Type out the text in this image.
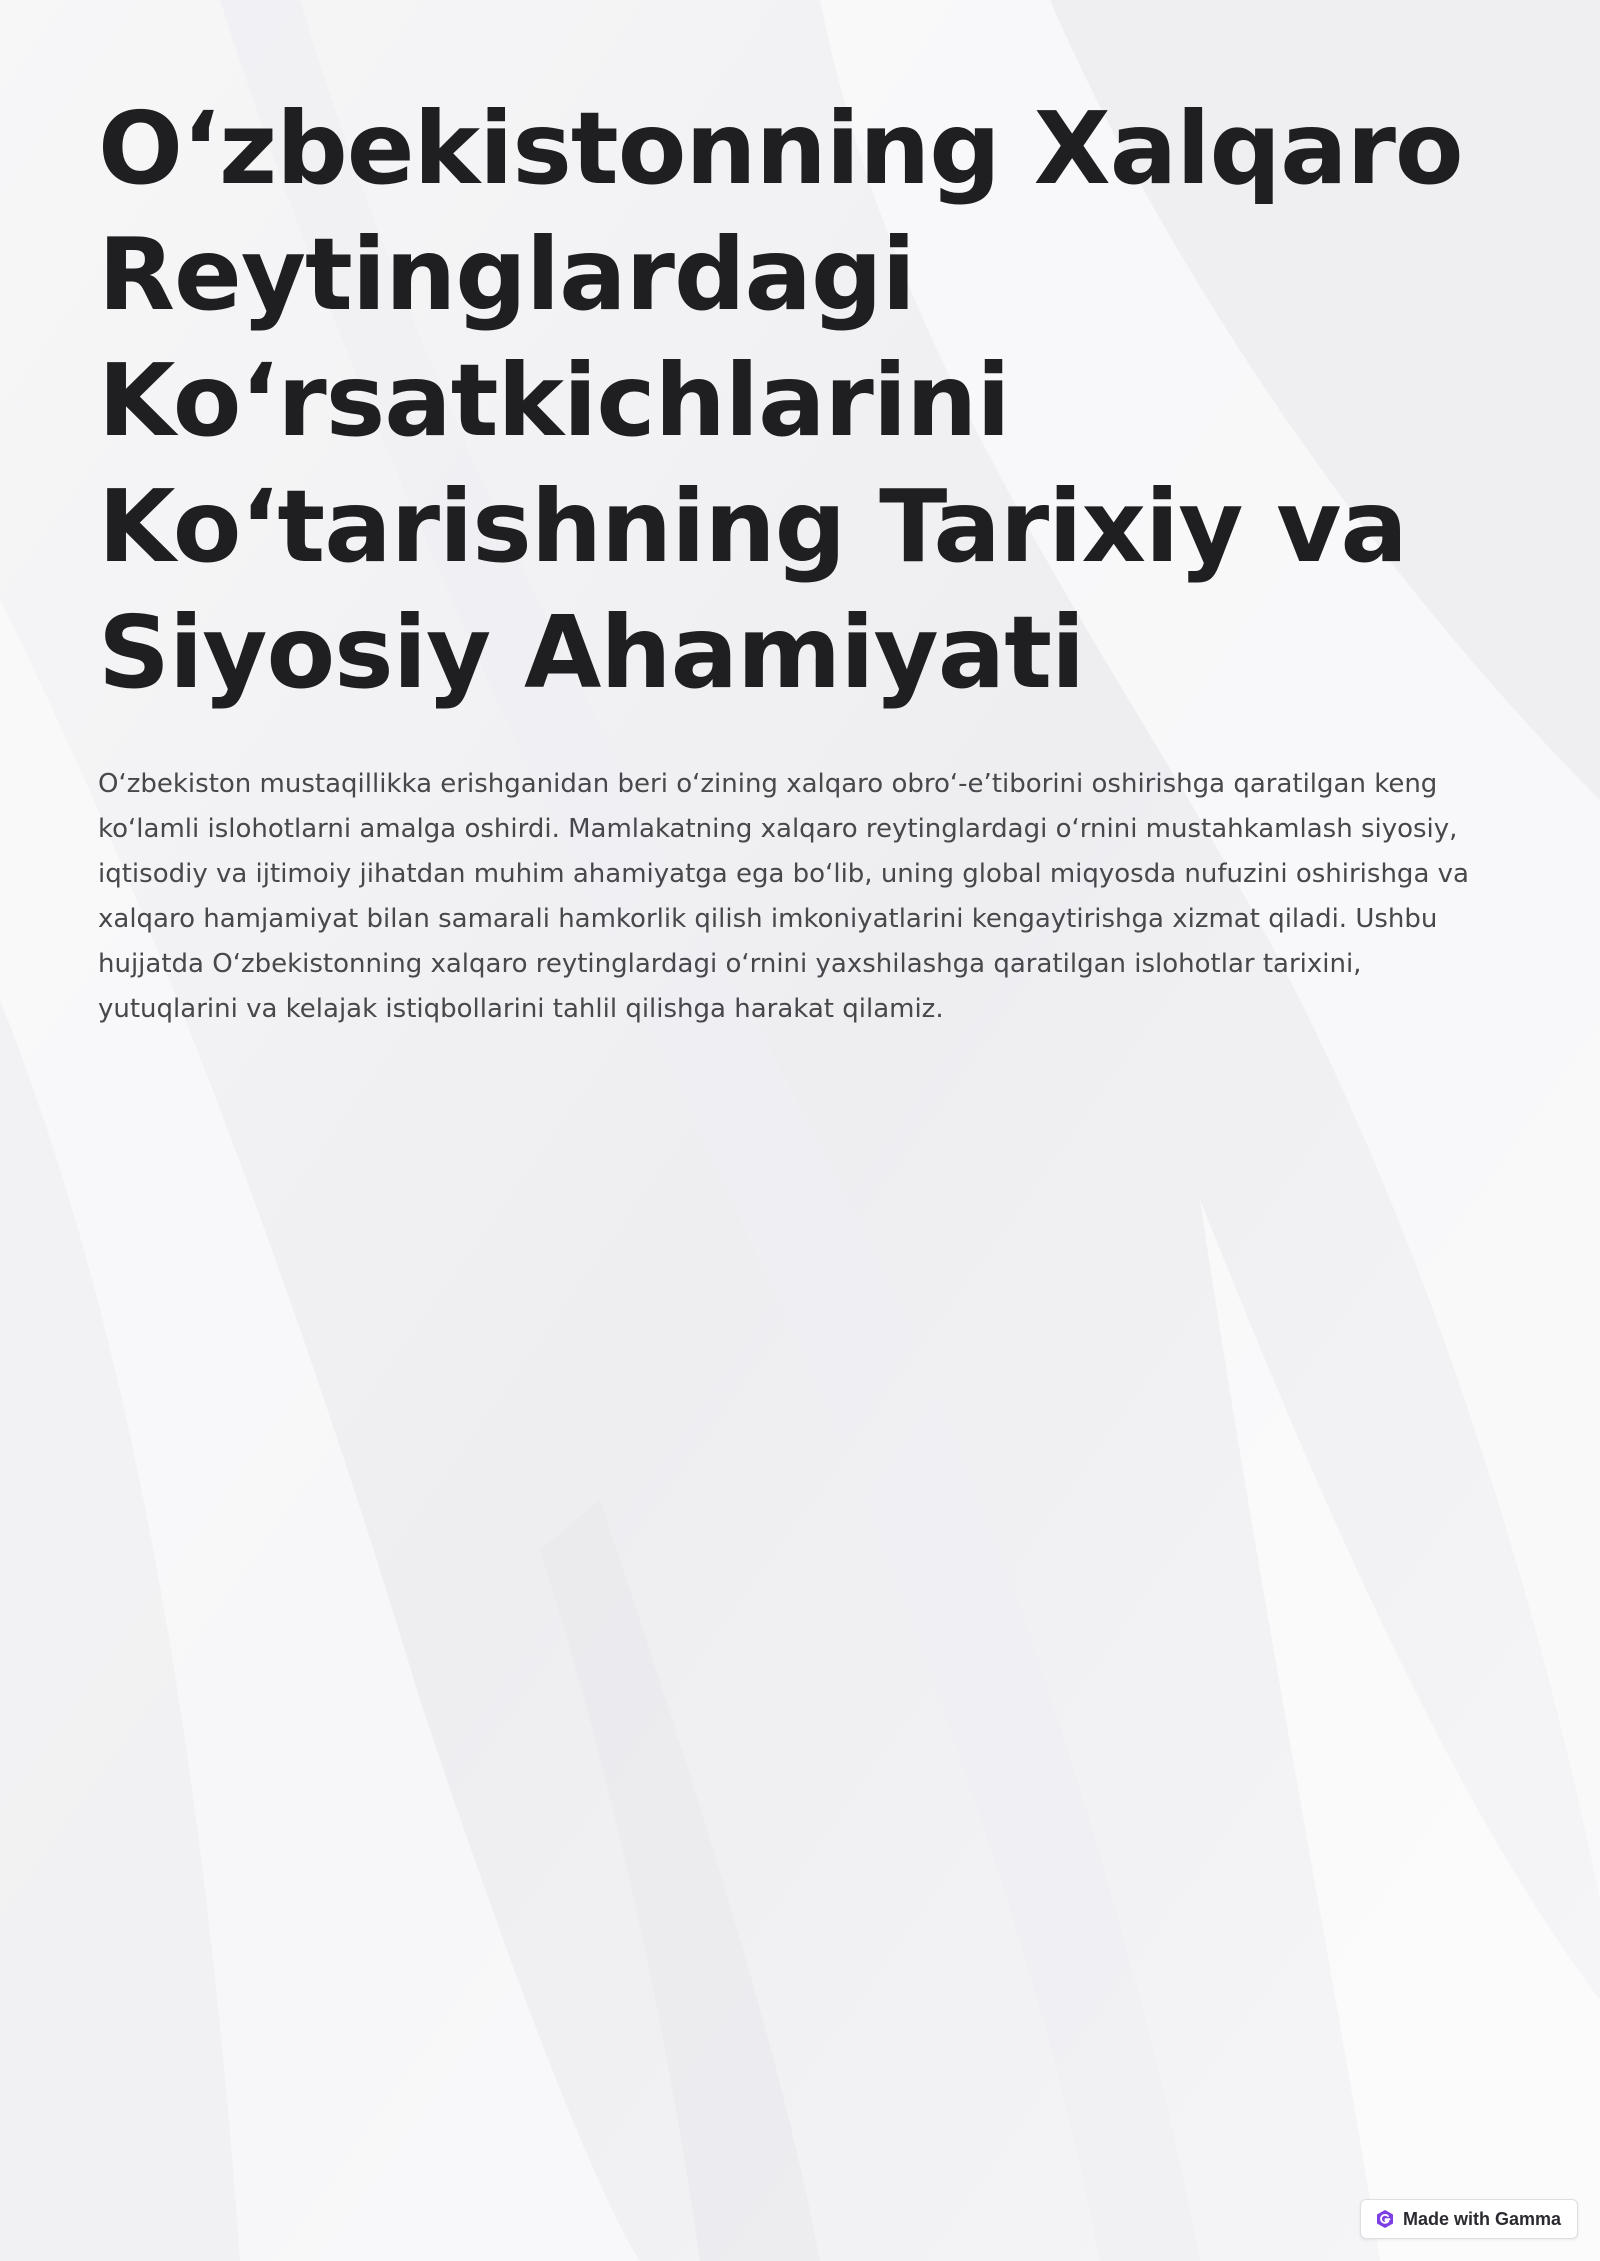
O‘zbekistonning Xalqaro Reytinglardagi Ko‘rsatkichlarini Ko‘tarishning Tarixiy va Siyosiy Ahamiyati

O‘zbekiston mustaqillikka erishganidan beri o‘zining xalqaro obro‘-e’tiborini oshirishga qaratilgan keng ko‘lamli islohotlarni amalga oshirdi. Mamlakatning xalqaro reytinglardagi o‘rnini mustahkamlash siyosiy, iqtisodiy va ijtimoiy jihatdan muhim ahamiyatga ega bo‘lib, uning global miqyosda nufuzini oshirishga va xalqaro hamjamiyat bilan samarali hamkorlik qilish imkoniyatlarini kengaytirishga xizmat qiladi. Ushbu hujjatda O‘zbekistonning xalqaro reytinglardagi o‘rnini yaxshilashga qaratilgan islohotlar tarixini, yutuqlarini va kelajak istiqbollarini tahlil qilishga harakat qilamiz.

Made with Gamma
